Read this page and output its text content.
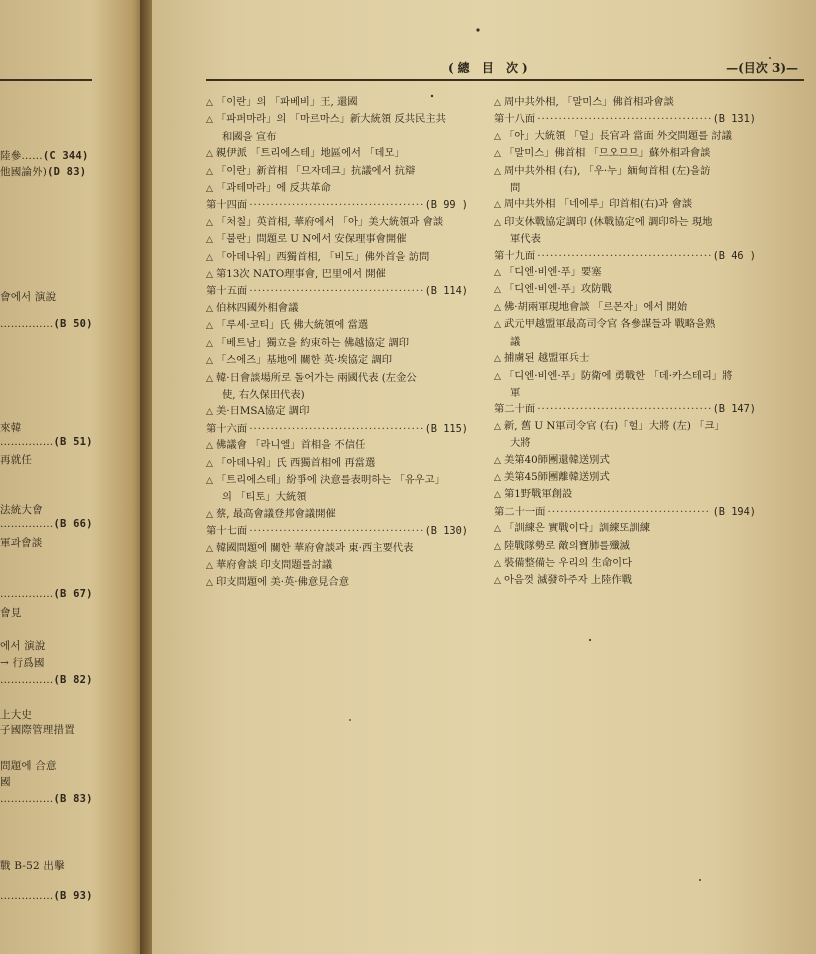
陸參……(C 344)
他國論外)(D 83)
會에서 演說
……………(B 50)
來韓
……………(B 51)
再就任
法統大會
……………(B 66)
軍과會談
……………(B 67)
會見
에서 演說
→ 行爲國
……………(B 82)
上大史
子國際管理措置
問題에 合意
國
……………(B 83)
戰 B-52 出擊
……………(B 93)
(總 目 次)	—(目次 3)—
△ 「이란」의 「파베비」王, 還國
△ 「파퍼마라」의 「마르마스」新大統領 反共民主共
和國을 宣布
△ 親伊派 「트리에스테」地區에서 「데모」
△ 「이란」新首相 「므자데크」抗議에서 抗辯
△ 「과테마라」에 反共革命
第十四面 ·····	(B 99 )
△ 「처칠」英首相, 華府에서 「아」美大統領과 會談
△ 「불란」問題로 U N에서 安保理事會開催
△ 「아데나워」西獨首相, 「비도」佛外首을 訪問
△ 第13次 NATO理事會, 巴里에서 開催
第十五面 ·····	(B 114)
△ 伯林四國外相會議
△ 「루세·코티」氏 佛大統領에 當選
△ 「베트남」獨立을 約束하는 佛越協定 調印
△ 「스에즈」基地에 關한 英·埃協定 調印
△ 韓·日會談場所로 돌어가는 兩國代表 (左金公
使, 右久保田代表)
△ 美·日MSA協定 調印
第十六面 ·····	(B 115)
△ 佛議會 「라니엘」首相을 不信任
△ 「아데나워」氏 西獨首相에 再當選
△ 「트리에스테」紛爭에 決意를表明하는 「유우고」
의 「티토」大統領
△ 蔡, 最高會議登邦會議開催
第十七面 ·····	(B 130)
△ 韓國問題에 關한 華府會談과 東·西主要代表
△ 華府會談 印支問題를討議
△ 印支問題에 美·英·佛意見合意
△ 周中共外相, 「말미스」佛首相과會談
第十八面 ·····	(B 131)
△ 「아」大統領 「덜」長官과 當面 外交問題를 討議
△ 「말미스」佛首相 「므오므므」蘇外相과會談
△ 周中共外相 (右), 「우·누」緬甸首相 (左)을訪
問
△ 周中共外相 「네에루」印首相(右)과 會談
△ 印支休戰協定調印 (休戰協定에 調印하는 現地
軍代表
第十九面 ·····	(B 46 )
△ 「디엔·비엔·푸」要塞
△ 「디엔·비엔·푸」攻防戰
△ 佛·胡兩軍現地會談 「르몬자」에서 開始
△ 武元甲越盟軍最高司令官 各參謀들과 戰略을熟
議
△ 捕虜된 越盟軍兵士
△ 「디엔·비엔·푸」防衛에 勇戰한 「데·카스테리」將
軍
第二十面 ·····	(B 147)
△ 新, 舊 U N軍司令官 (右)「헐」大將 (左) 「크」
大將
△ 美第40師團還韓送別式
△ 美第45師團離韓送別式
△ 第1野戰軍創設
第二十一面 ·····	(B 194)
△ 「訓練은 實戰이다」訓練또訓練
△ 陸戰隊勢로 敵의寶肺를殲滅
△ 裝備整備는 우리의 生命이다
△ 아음껏 滅發하주자 上陸作戰
